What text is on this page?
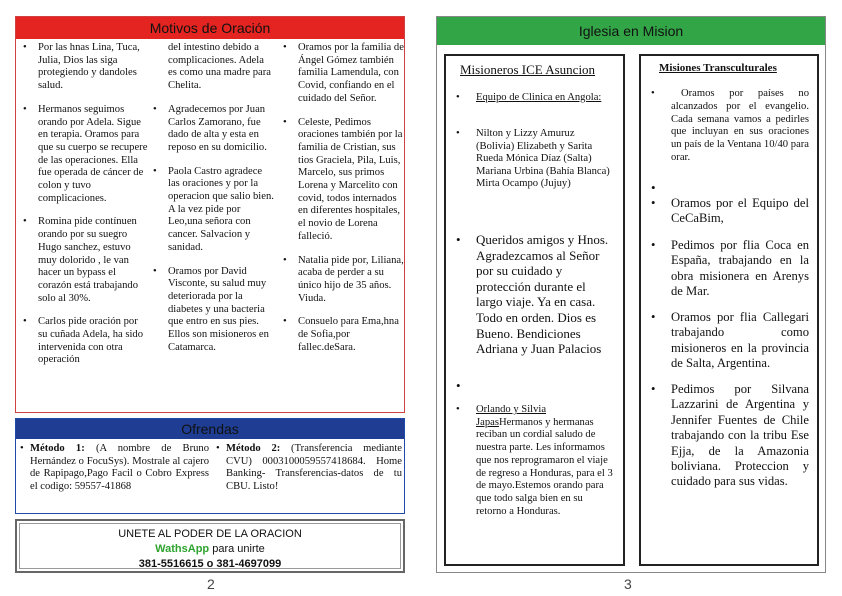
Motivos de Oración
• Por las hnas Lina, Tuca, Julia, Dios las siga protegiendo y dandoles salud.
• Hermanos seguimos orando por Adela. Sigue en terapia. Oramos para que su cuerpo se recupere de las operaciones. Ella fue operada de cáncer de colon y tuvo complicaciones.
• Romina pide contínuen orando por su suegro Hugo sanchez, estuvo muy dolorido , le van hacer un bypass el corazón está trabajando solo al 30%.
• Carlos pide oración por su cuñada Adela, ha sido intervenida con otra operación
del intestino debido a complicaciones. Adela es como una madre para Chelita.
• Agradecemos por Juan Carlos Zamorano, fue dado de alta y esta en reposo en su domicilio.
• Paola Castro agradece las oraciones y por la operacion que salio bien. A la vez pide por Leo,una señora con cancer. Salvacion y sanidad.
• Oramos por David Visconte, su salud muy deteriorada por la diabetes y una bacteria que entro en sus pies. Ellos son misioneros en Catamarca.
• Oramos por la familia de Ángel Gómez también familia Lamendula, con Covid, confiando en el cuidado del Señor.
• Celeste, Pedimos oraciones también por la familia de Cristian, sus tios Graciela, Pila, Luis, Marcelo, sus primos Lorena y Marcelito con covid, todos internados en diferentes hospitales, el novio de Lorena falleció.
• Natalia pide por, Liliana, acaba de perder a su único hijo de 35 años. Viuda.
• Consuelo para Ema,hna de Sofia,por fallec.deSara.
Ofrendas
• Método 1: (A nombre de Bruno Hernández o FocuSys). Mostrale al cajero de Rapipago,Pago Facil o Cobro Express el codigo: 59557-41868
• Método 2: (Transferencia mediante CVU) 0003100059557418684. Home Banking- Transferencias-datos de tu CBU. Listo!
UNETE AL PODER DE LA ORACION
WathsApp para unirte
381-5516615 o 381-4697099
2
Iglesia en Mision
Misioneros ICE Asuncion
•	Equipo de Clinica en Angola:
•	Nilton y Lizzy Amuruz (Bolivia) Elizabeth y Sarita Rueda Mónica Díaz (Salta) Mariana Urbina (Bahía Blanca) Mirta Ocampo (Jujuy)
•	Queridos amigos y Hnos. Agradezcamos al Señor por su cuidado y protección durante el largo viaje. Ya en casa. Todo en orden. Dios es Bueno. Bendiciones Adriana y Juan Palacios
•
•	Orlando y Silvia JapasHermanos y hermanas reciban un cordial saludo de nuestra parte. Les informamos que nos reprogramaron el viaje de regreso a Honduras, para el 3 de mayo.Estemos orando para que todo salga bien en su retorno a Honduras.
Misiones Transculturales
•	Oramos por países no alcanzados por el evangelio. Cada semana vamos a pedirles que incluyan en sus oraciones un país de la Ventana 10/40 para orar.
•
•	Oramos por el Equipo del CeCaBim,
•	Pedimos por flia Coca en España, trabajando en la obra misionera en Arenys de Mar.
•	Oramos por flia Callegari trabajando como misioneros en la provincia de Salta, Argentina.
•	Pedimos por Silvana Lazzarini de Argentina y Jennifer Fuentes de Chile trabajando con la tribu Ese Ejja, de la Amazonia boliviana. Proteccion y cuidado para sus vidas.
3
